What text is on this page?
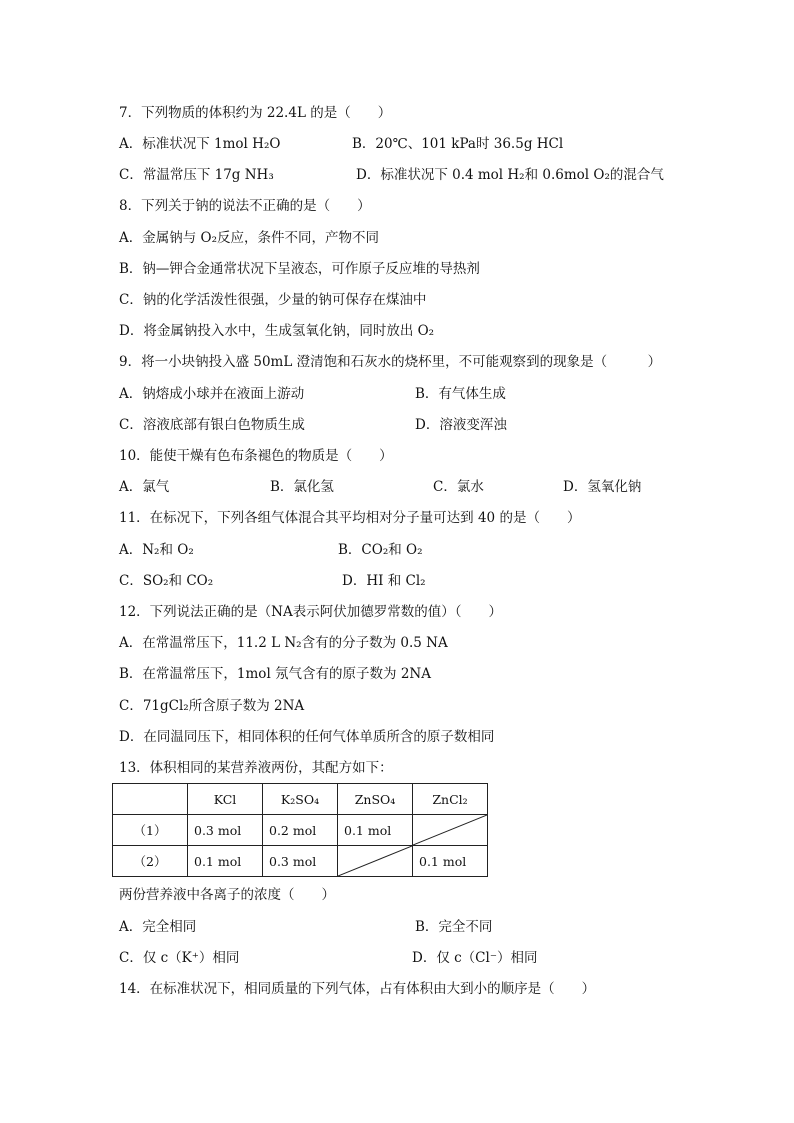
7．下列物质的体积约为 22.4L 的是（　　）
A．标准状况下 1mol H₂O	B．20℃、101 kPa时 36.5g HCl
C．常温常压下 17g NH₃	D．标准状况下 0.4 mol H₂和 0.6mol O₂的混合气
8．下列关于钠的说法不正确的是（　　）
A．金属钠与 O₂反应，条件不同，产物不同
B．钠—钾合金通常状况下呈液态，可作原子反应堆的导热剂
C．钠的化学活泼性很强，少量的钠可保存在煤油中
D．将金属钠投入水中，生成氢氧化钠，同时放出 O₂
9．将一小块钠投入盛 50mL 澄清饱和石灰水的烧杯里，不可能观察到的现象是（　　　）
A．钠熔成小球并在液面上游动	B．有气体生成
C．溶液底部有银白色物质生成	D．溶液变浑浊
10．能使干燥有色布条褪色的物质是（　　）
A．氯气	B．氯化氢	C．氯水	D．氢氧化钠
11．在标况下，下列各组气体混合其平均相对分子量可达到 40 的是（　　）
A．N₂和 O₂	B．CO₂和 O₂
C．SO₂和 CO₂	D．HI 和 Cl₂
12．下列说法正确的是（NA表示阿伏加德罗常数的值）（　　）
A．在常温常压下，11.2 L N₂含有的分子数为 0.5 NA
B．在常温常压下，1mol 氖气含有的原子数为 2NA
C．71gCl₂所含原子数为 2NA
D．在同温同压下，相同体积的任何气体单质所含的原子数相同
13．体积相同的某营养液两份，其配方如下：
	KCl	K₂SO₄	ZnSO₄	ZnCl₂
（1）	0.3 mol	0.2 mol	0.1 mol	

（2）	0.1 mol	0.3 mol		0.1 mol
两份营养液中各离子的浓度（　　）
A．完全相同	B．完全不同
C．仅 c（K⁺）相同	D．仅 c（Cl⁻）相同
14．在标准状况下，相同质量的下列气体，占有体积由大到小的顺序是（　　）
